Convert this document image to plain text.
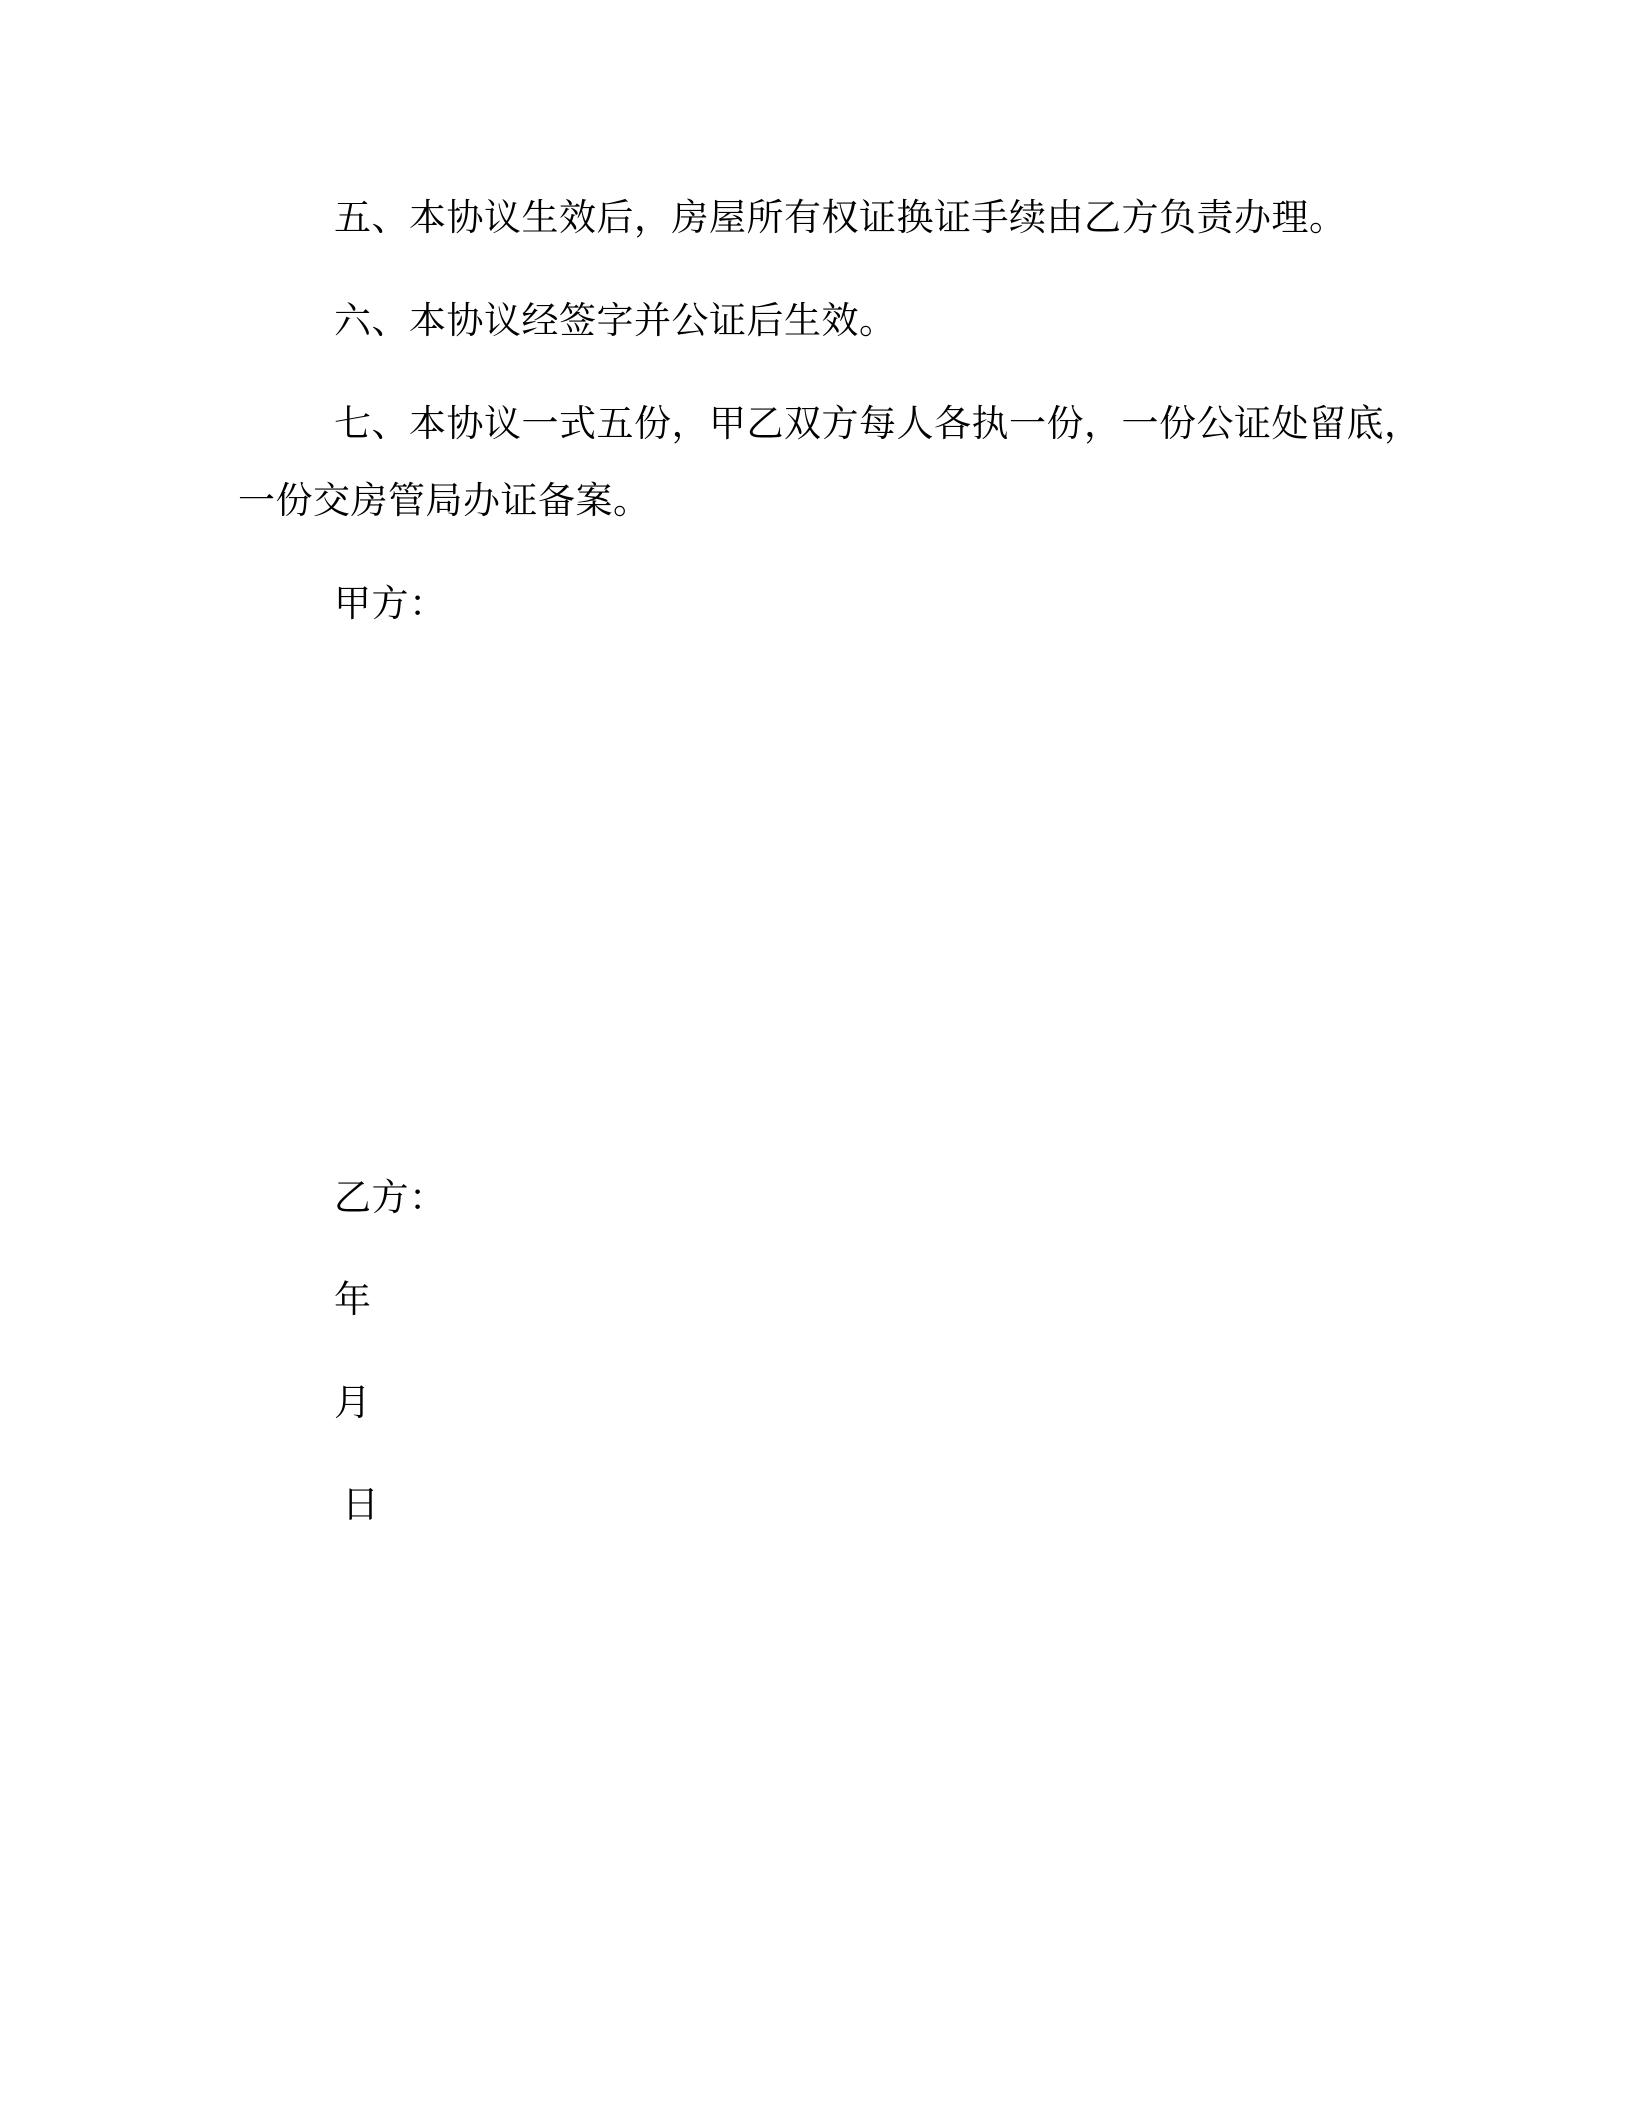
五、本协议生效后，房屋所有权证换证手续由乙方负责办理。
六、本协议经签字并公证后生效。
七、本协议一式五份，甲乙双方每人各执一份，一份公证处留底，
一份交房管局办证备案。
甲方：
乙方：
年
月
日
